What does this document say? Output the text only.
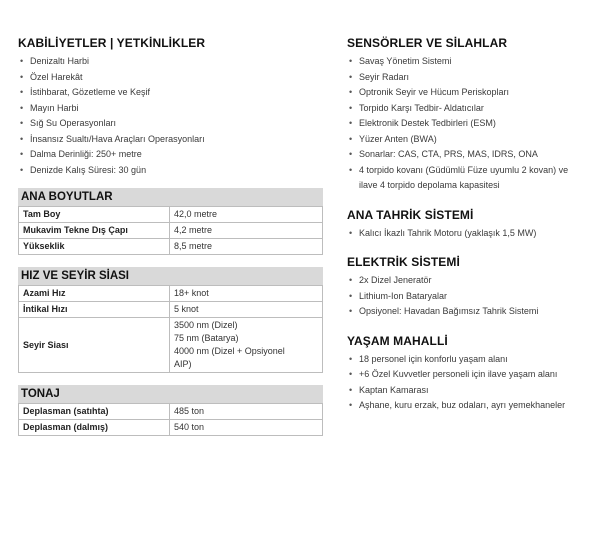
KABİLİYETLER | YETKİNLİKLER
• Denizaltı Harbi
• Özel Harekât
• İstihbarat, Gözetleme ve Keşif
• Mayın Harbi
• Sığ Su Operasyonları
• İnsansız Sualtı/Hava Araçları Operasyonları
• Dalma Derinliği: 250+ metre
• Denizde Kalış Süresi: 30 gün
ANA BOYUTLAR
Tam Boy	42,0 metre
Mukavim Tekne Dış Çapı	4,2 metre
Yükseklik	8,5 metre
HIZ VE SEYİR SİASI
Azami Hız	18+ knot
İntikal Hızı	5 knot
Seyir Siası	3500 nm (Dizel)
75 nm (Batarya)
4000 nm (Dizel + Opsiyonel
AIP)
TONAJ
Deplasman (satıhta)	485 ton
Deplasman (dalmış)	540 ton
SENSÖRLER VE SİLAHLAR
• Savaş Yönetim Sistemi
• Seyir Radarı
• Optronik Seyir ve Hücum Periskopları
• Torpido Karşı Tedbir- Aldatıcılar
• Elektronik Destek Tedbirleri (ESM)
• Yüzer Anten (BWA)
• Sonarlar: CAS, CTA, PRS, MAS, IDRS, ONA
• 4 torpido kovanı (Güdümlü Füze uyumlu 2 kovan) ve ilave 4 torpido depolama kapasitesi
ANA TAHRİK SİSTEMİ
• Kalıcı İkazlı Tahrik Motoru (yaklaşık 1,5 MW)
ELEKTRİK SİSTEMİ
• 2x Dizel Jeneratör
• Lithium-Ion Bataryalar
• Opsiyonel: Havadan Bağımsız Tahrik Sistemi
YAŞAM MAHALLİ
• 18 personel için konforlu yaşam alanı
• +6 Özel Kuvvetler personeli için ilave yaşam alanı
• Kaptan Kamarası
• Aşhane, kuru erzak, buz odaları, ayrı yemekhaneler
